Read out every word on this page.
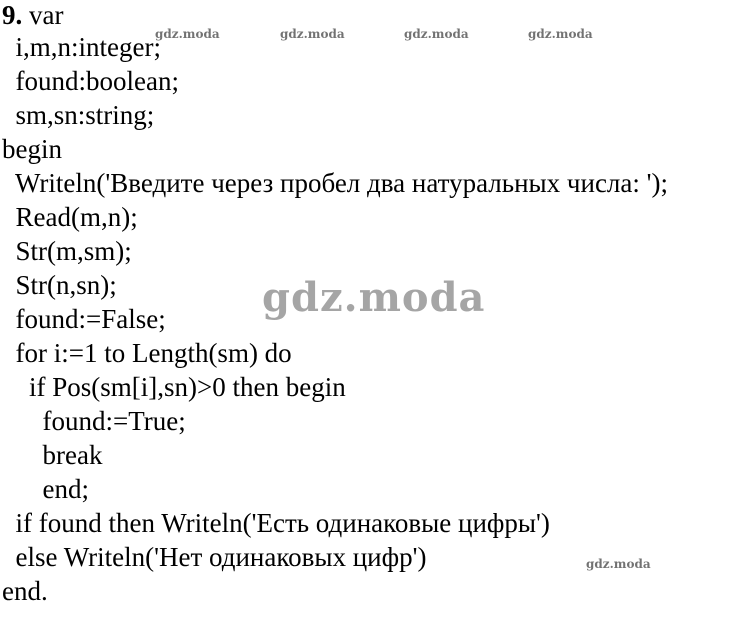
9. var
i,m,n:integer;
found:boolean;
sm,sn:string;
begin
Writeln('Введите через пробел два натуральных числа: ');
Read(m,n);
Str(m,sm);
Str(n,sn);
found:=False;
for i:=1 to Length(sm) do
if Pos(sm[i],sn)>0 then begin
found:=True;
break
end;
if found then Writeln('Есть одинаковые цифры')
else Writeln('Нет одинаковых цифр')
end.
gdz.moda	gdz.moda	gdz.moda	gdz.moda
gdz.moda
gdz.moda
